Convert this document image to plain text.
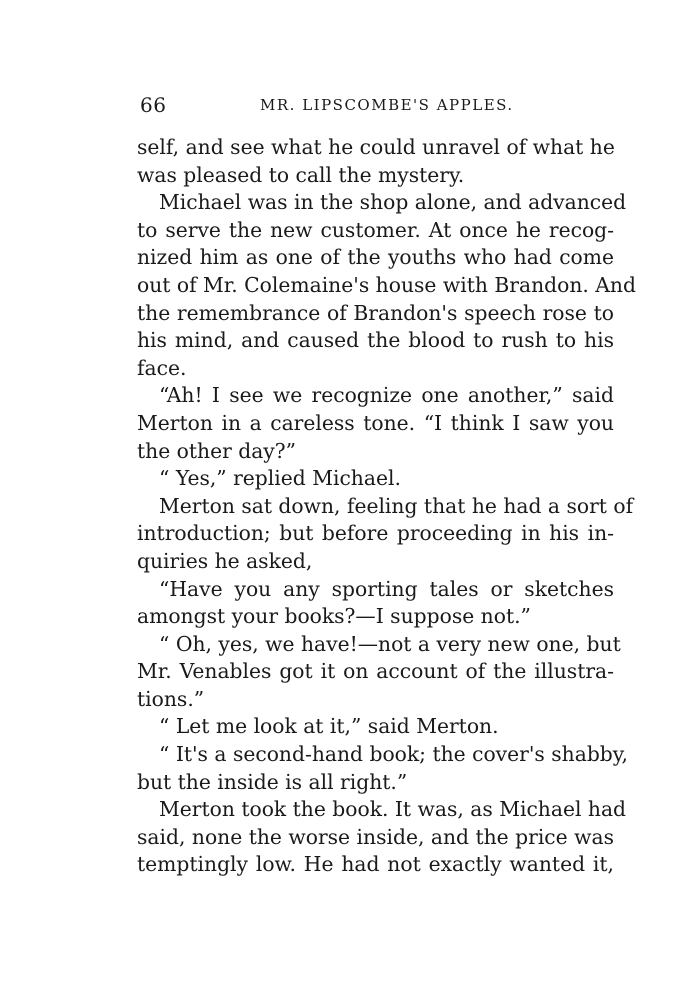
66	MR. LIPSCOMBE'S APPLES.
self, and see what he could unravel of what he
was pleased to call the mystery.
Michael was in the shop alone, and advanced
to serve the new customer. At once he recog-
nized him as one of the youths who had come
out of Mr. Colemaine's house with Brandon. And
the remembrance of Brandon's speech rose to
his mind, and caused the blood to rush to his
face.
“Ah! I see we recognize one another,” said
Merton in a careless tone. “I think I saw you
the other day?”
“ Yes,” replied Michael.
Merton sat down, feeling that he had a sort of
introduction; but before proceeding in his in-
quiries he asked,
“Have you any sporting tales or sketches
amongst your books?—I suppose not.”
“ Oh, yes, we have!—not a very new one, but
Mr. Venables got it on account of the illustra-
tions.”
“ Let me look at it,” said Merton.
“ It's a second-hand book; the cover's shabby,
but the inside is all right.”
Merton took the book. It was, as Michael had
said, none the worse inside, and the price was
temptingly low. He had not exactly wanted it,
